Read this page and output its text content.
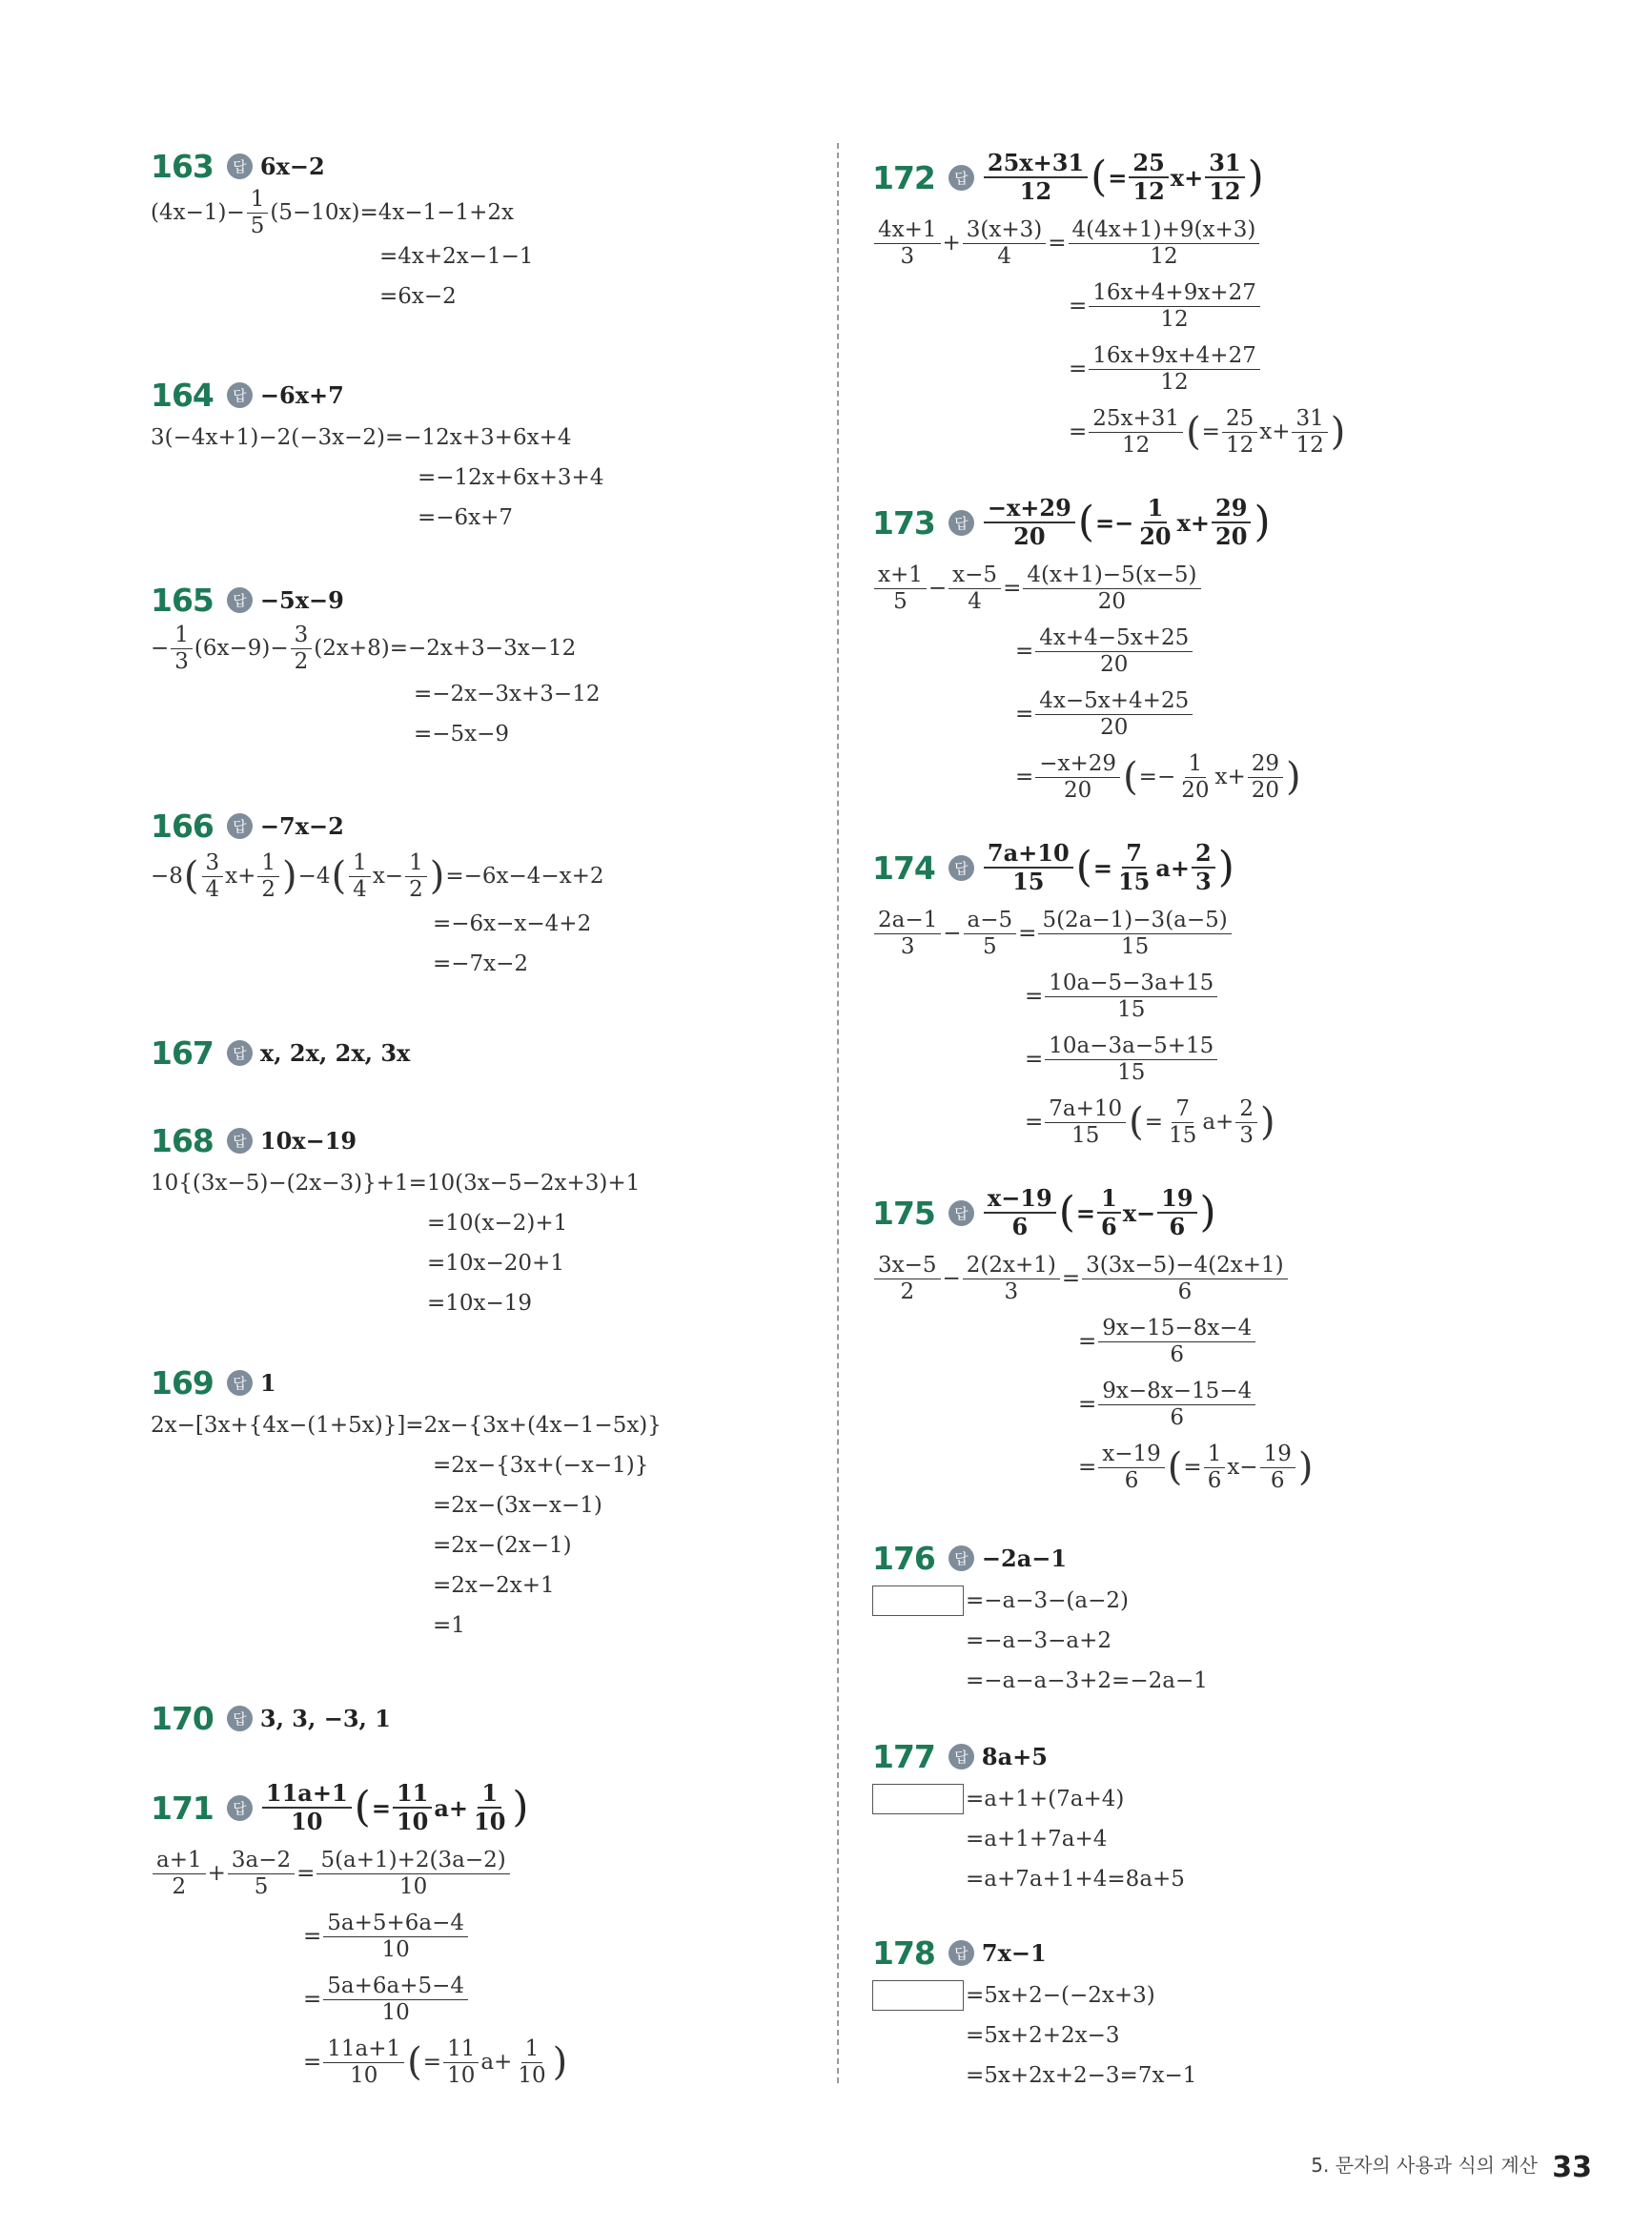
163	답 6x−2
$(4x-1)- \frac{1}{5} (5-10x)=4x-1-1+2x$
=4x+2x−1−1
=6x−2
164	답 −6x+7
3(−4x+1)−2(−3x−2)=−12x+3+6x+4
=−12x+6x+3+4
=−6x+7
165	답 −5x−9
− $\frac{1}{3} (6x-9)- \frac{3}{2} (2x+8)=-2x+3-3x-12$
=−2x−3x+3−12
=−5x−9
166	답 −7x−2
−8 ( $\frac{3}{4} x+ \frac{1}{2}$ ) −4 ( $\frac{1}{4} x- \frac{1}{2}$ ) =−6x−4−x+2
=−6x−x−4+2
=−7x−2
167	답 x, 2x, 2x, 3x
168	답 10x−19
10{(3x−5)−(2x−3)}+1=10(3x−5−2x+3)+1
=10(x−2)+1
=10x−20+1
=10x−19
169	답 1
2x−[3x+{4x−(1+5x)}]=2x−{3x+(4x−1−5x)}
=2x−{3x+(−x−1)}
=2x−(3x−x−1)
=2x−(2x−1)
=2x−2x+1
=1
170	답 3, 3, −3, 1
171	답 $\frac{11a+1}{10}$ ( = $\frac{11}{10} a+ \frac{1}{10}$ )
$\frac{a+1}{2} + \frac{3a-2}{5} = \frac{5(a+1)+2(3a-2)}{10}$
= $\frac{5a+5+6a-4}{10}$
= $\frac{5a+6a+5-4}{10}$
= $\frac{11a+1}{10}$ ( = $\frac{11}{10} a+ \frac{1}{10}$ )
172	답 $\frac{25x+31}{12}$ ( = $\frac{25}{12} x+ \frac{31}{12}$ )
$\frac{4x+1}{3} + \frac{3(x+3)}{4} = \frac{4(4x+1)+9(x+3)}{12}$
= $\frac{16x+4+9x+27}{12}$
= $\frac{16x+9x+4+27}{12}$
= $\frac{25x+31}{12}$ ( = $\frac{25}{12} x+ \frac{31}{12}$ )
173	답 $\frac{-x+29}{20}$ ( =− $\frac{1}{20} x+ \frac{29}{20}$ )
$\frac{x+1}{5} - \frac{x-5}{4} = \frac{4(x+1)-5(x-5)}{20}$
= $\frac{4x+4-5x+25}{20}$
= $\frac{4x-5x+4+25}{20}$
= $\frac{-x+29}{20}$ ( =− $\frac{1}{20} x+ \frac{29}{20}$ )
174	답 $\frac{7a+10}{15}$ ( = $\frac{7}{15} a+ \frac{2}{3}$ )
$\frac{2a-1}{3} - \frac{a-5}{5} = \frac{5(2a-1)-3(a-5)}{15}$
= $\frac{10a-5-3a+15}{15}$
= $\frac{10a-3a-5+15}{15}$
= $\frac{7a+10}{15}$ ( = $\frac{7}{15} a+ \frac{2}{3}$ )
175	답 $\frac{x-19}{6}$ ( = $\frac{1}{6} x- \frac{19}{6}$ )
$\frac{3x-5}{2} - \frac{2(2x+1)}{3} = \frac{3(3x-5)-4(2x+1)}{6}$
= $\frac{9x-15-8x-4}{6}$
= $\frac{9x-8x-15-4}{6}$
= $\frac{x-19}{6}$ ( = $\frac{1}{6} x- \frac{19}{6}$ )
176	답 −2a−1
=−a−3−(a−2)
=−a−3−a+2
=−a−a−3+2=−2a−1
177	답 8a+5
=a+1+(7a+4)
=a+1+7a+4
=a+7a+1+4=8a+5
178	답 7x−1
=5x+2−(−2x+3)
=5x+2+2x−3
=5x+2x+2−3=7x−1
5. 문자의 사용과 식의 계산 33
